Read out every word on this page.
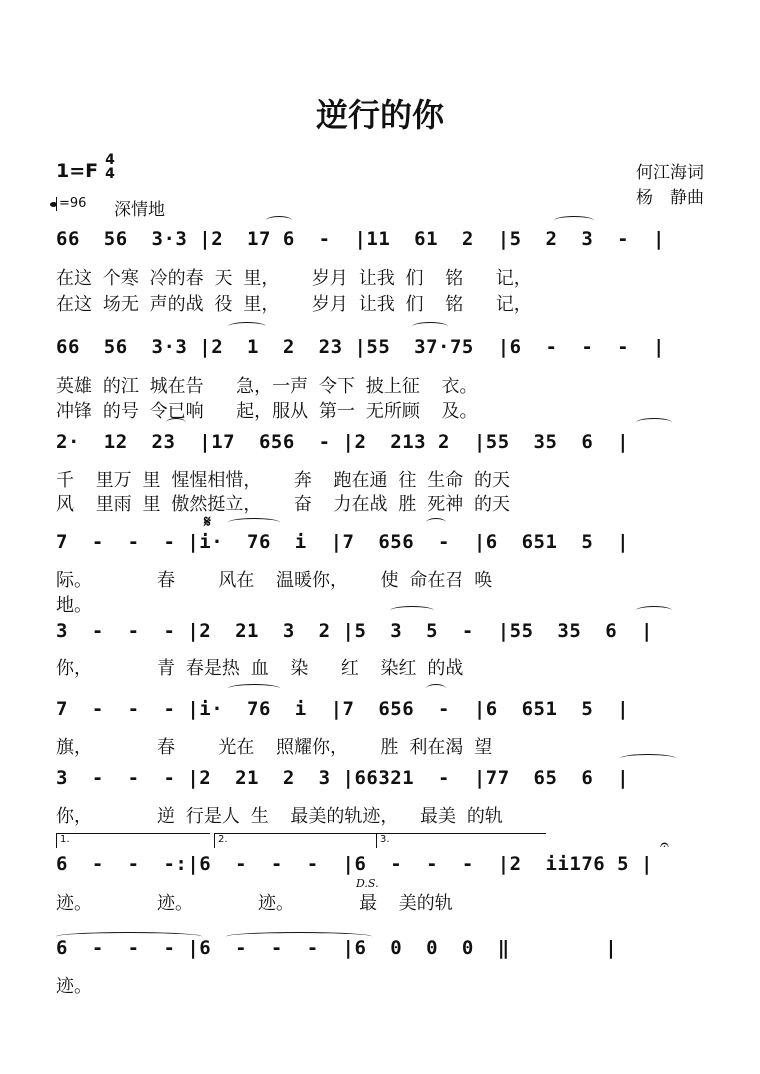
逆行的你
1=F 4
4
=96 深情地
何江海词
杨　静曲
66  56  3·3 |2  17 6  -  |11  61  2  |5  2  3  -  |
在这 个寒 冷的春 天 里，   岁月 让我 们  铭   记，
在这 场无 声的战 役 里，   岁月 让我 们  铭   记，
66  56  3·3 |2  1  2  23 |55  37·75  |6  -  -  -  |
英雄 的江 城在告   急，一声 令下 披上征  衣。
冲锋 的号 令已响   起，服从 第一 无所顾  及。
2·  12  23  |17  656  - |2  213 2  |55  35  6  |
千  里万 里 惺惺相惜，   奔  跑在通 往 生命 的天
风  里雨 里 傲然挺立，   奋  力在战 胜 死神 的天
𝄋
7  -  -  - |i·  76  i  |7  656  -  |6  651  5  |
际。      春    风在  温暖你，   使 命在召 唤
地。
3  -  -  - |2  21  3  2 |5  3  5  -  |55  35  6  |
你，      青 春是热 血  染   红  染红 的战
7  -  -  - |i·  76  i  |7  656  -  |6  651  5  |
旗，      春    光在  照耀你，   胜 利在渴 望
3  -  -  - |2  21  2  3 |66321  -  |77  65  6  |
你，      逆 行是人 生  最美的轨迹，  最美 的轨
1.	2.	3.	𝄐
6  -  -  -:|6  -  -  -  |6  -  -  -  |2  ii176 5 |
D.S.
迹。      迹。      迹。      最  美的轨
6  -  -  - |6  -  -  -  |6  0  0  0  ‖        |
迹。
